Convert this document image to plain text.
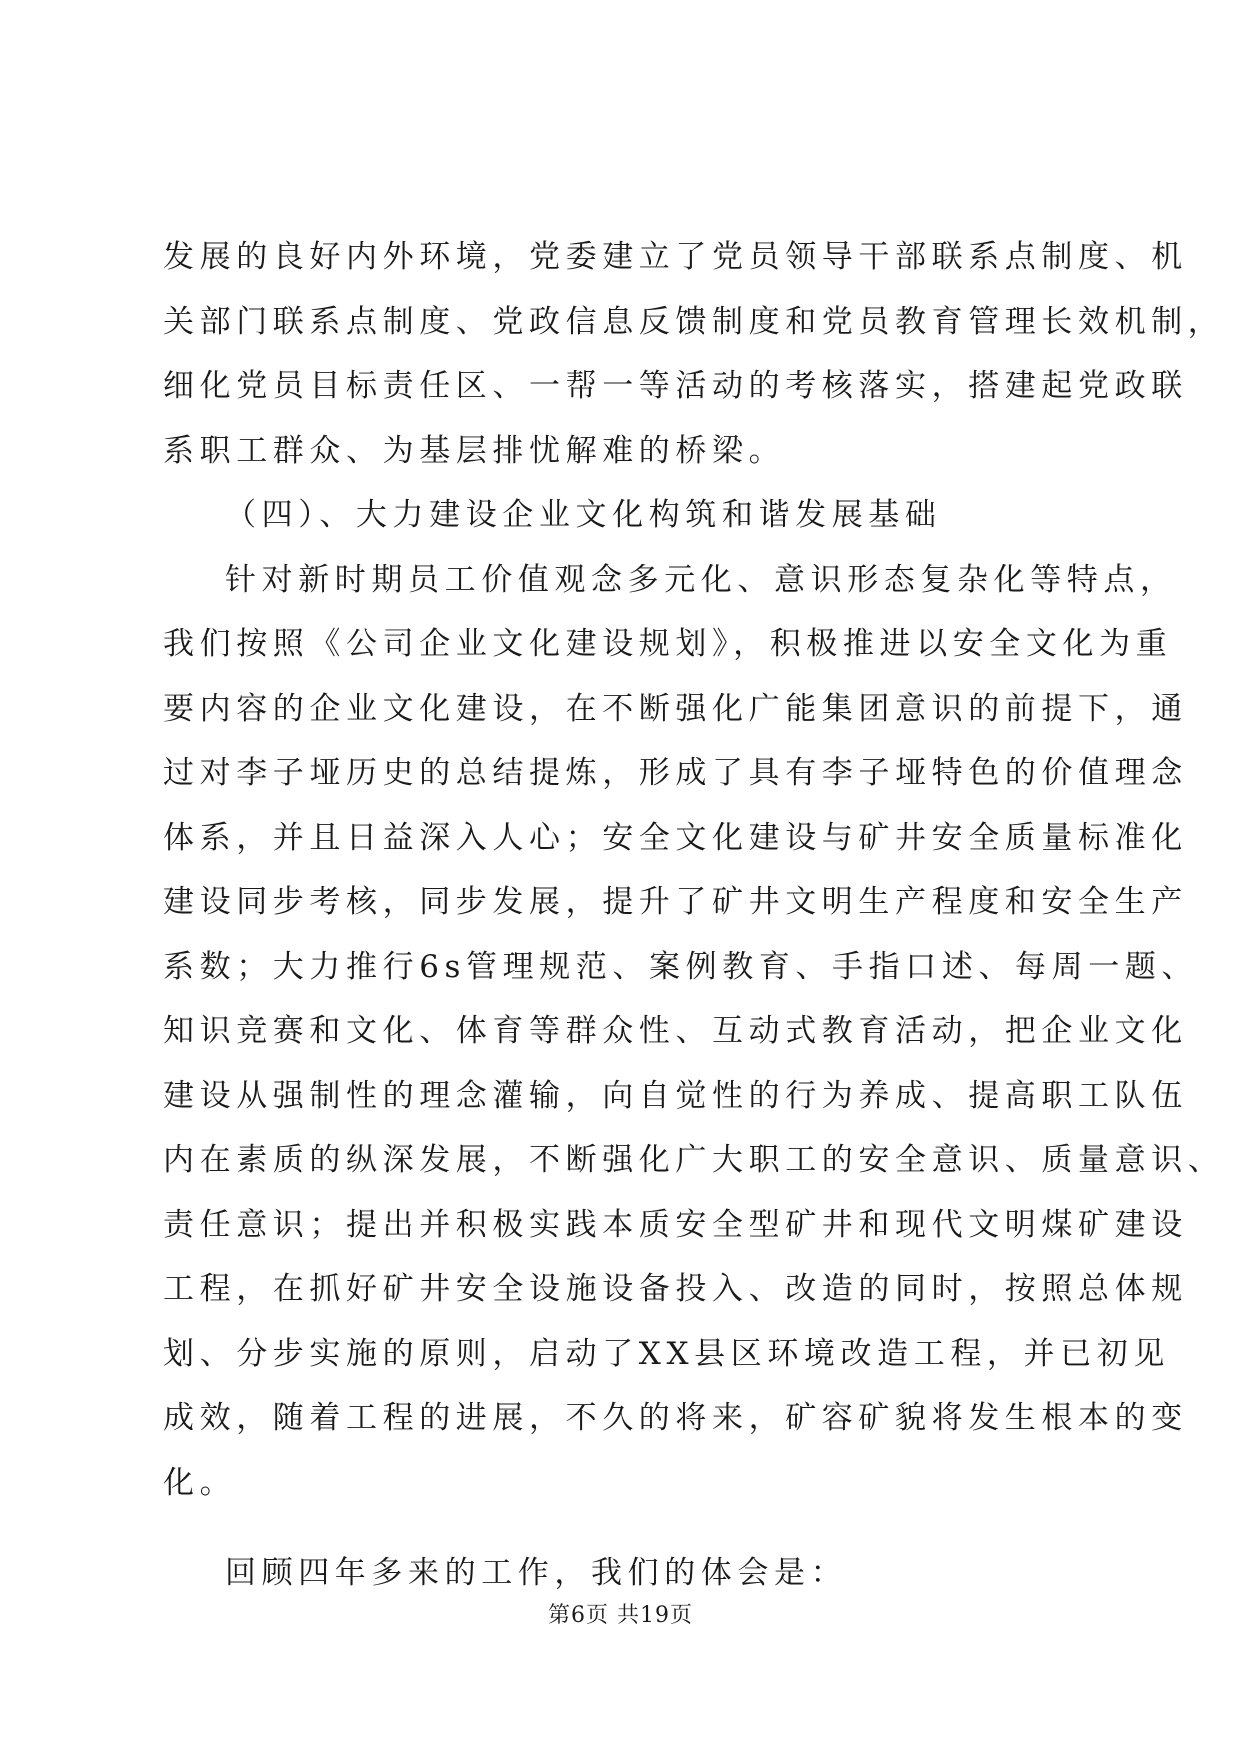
发展的良好内外环境，党委建立了党员领导干部联系点制度、机
关部门联系点制度、党政信息反馈制度和党员教育管理长效机制，
细化党员目标责任区、一帮一等活动的考核落实，搭建起党政联
系职工群众、为基层排忧解难的桥梁。
（四）、大力建设企业文化构筑和谐发展基础
针对新时期员工价值观念多元化、意识形态复杂化等特点，
我们按照《公司企业文化建设规划》，积极推进以安全文化为重
要内容的企业文化建设，在不断强化广能集团意识的前提下，通
过对李子垭历史的总结提炼，形成了具有李子垭特色的价值理念
体系，并且日益深入人心；安全文化建设与矿井安全质量标准化
建设同步考核，同步发展，提升了矿井文明生产程度和安全生产
系数；大力推行6s管理规范、案例教育、手指口述、每周一题、
知识竞赛和文化、体育等群众性、互动式教育活动，把企业文化
建设从强制性的理念灌输，向自觉性的行为养成、提高职工队伍
内在素质的纵深发展，不断强化广大职工的安全意识、质量意识、
责任意识；提出并积极实践本质安全型矿井和现代文明煤矿建设
工程，在抓好矿井安全设施设备投入、改造的同时，按照总体规
划、分步实施的原则，启动了XX县区环境改造工程，并已初见
成效，随着工程的进展，不久的将来，矿容矿貌将发生根本的变
化。
回顾四年多来的工作，我们的体会是：
第6页 共19页
